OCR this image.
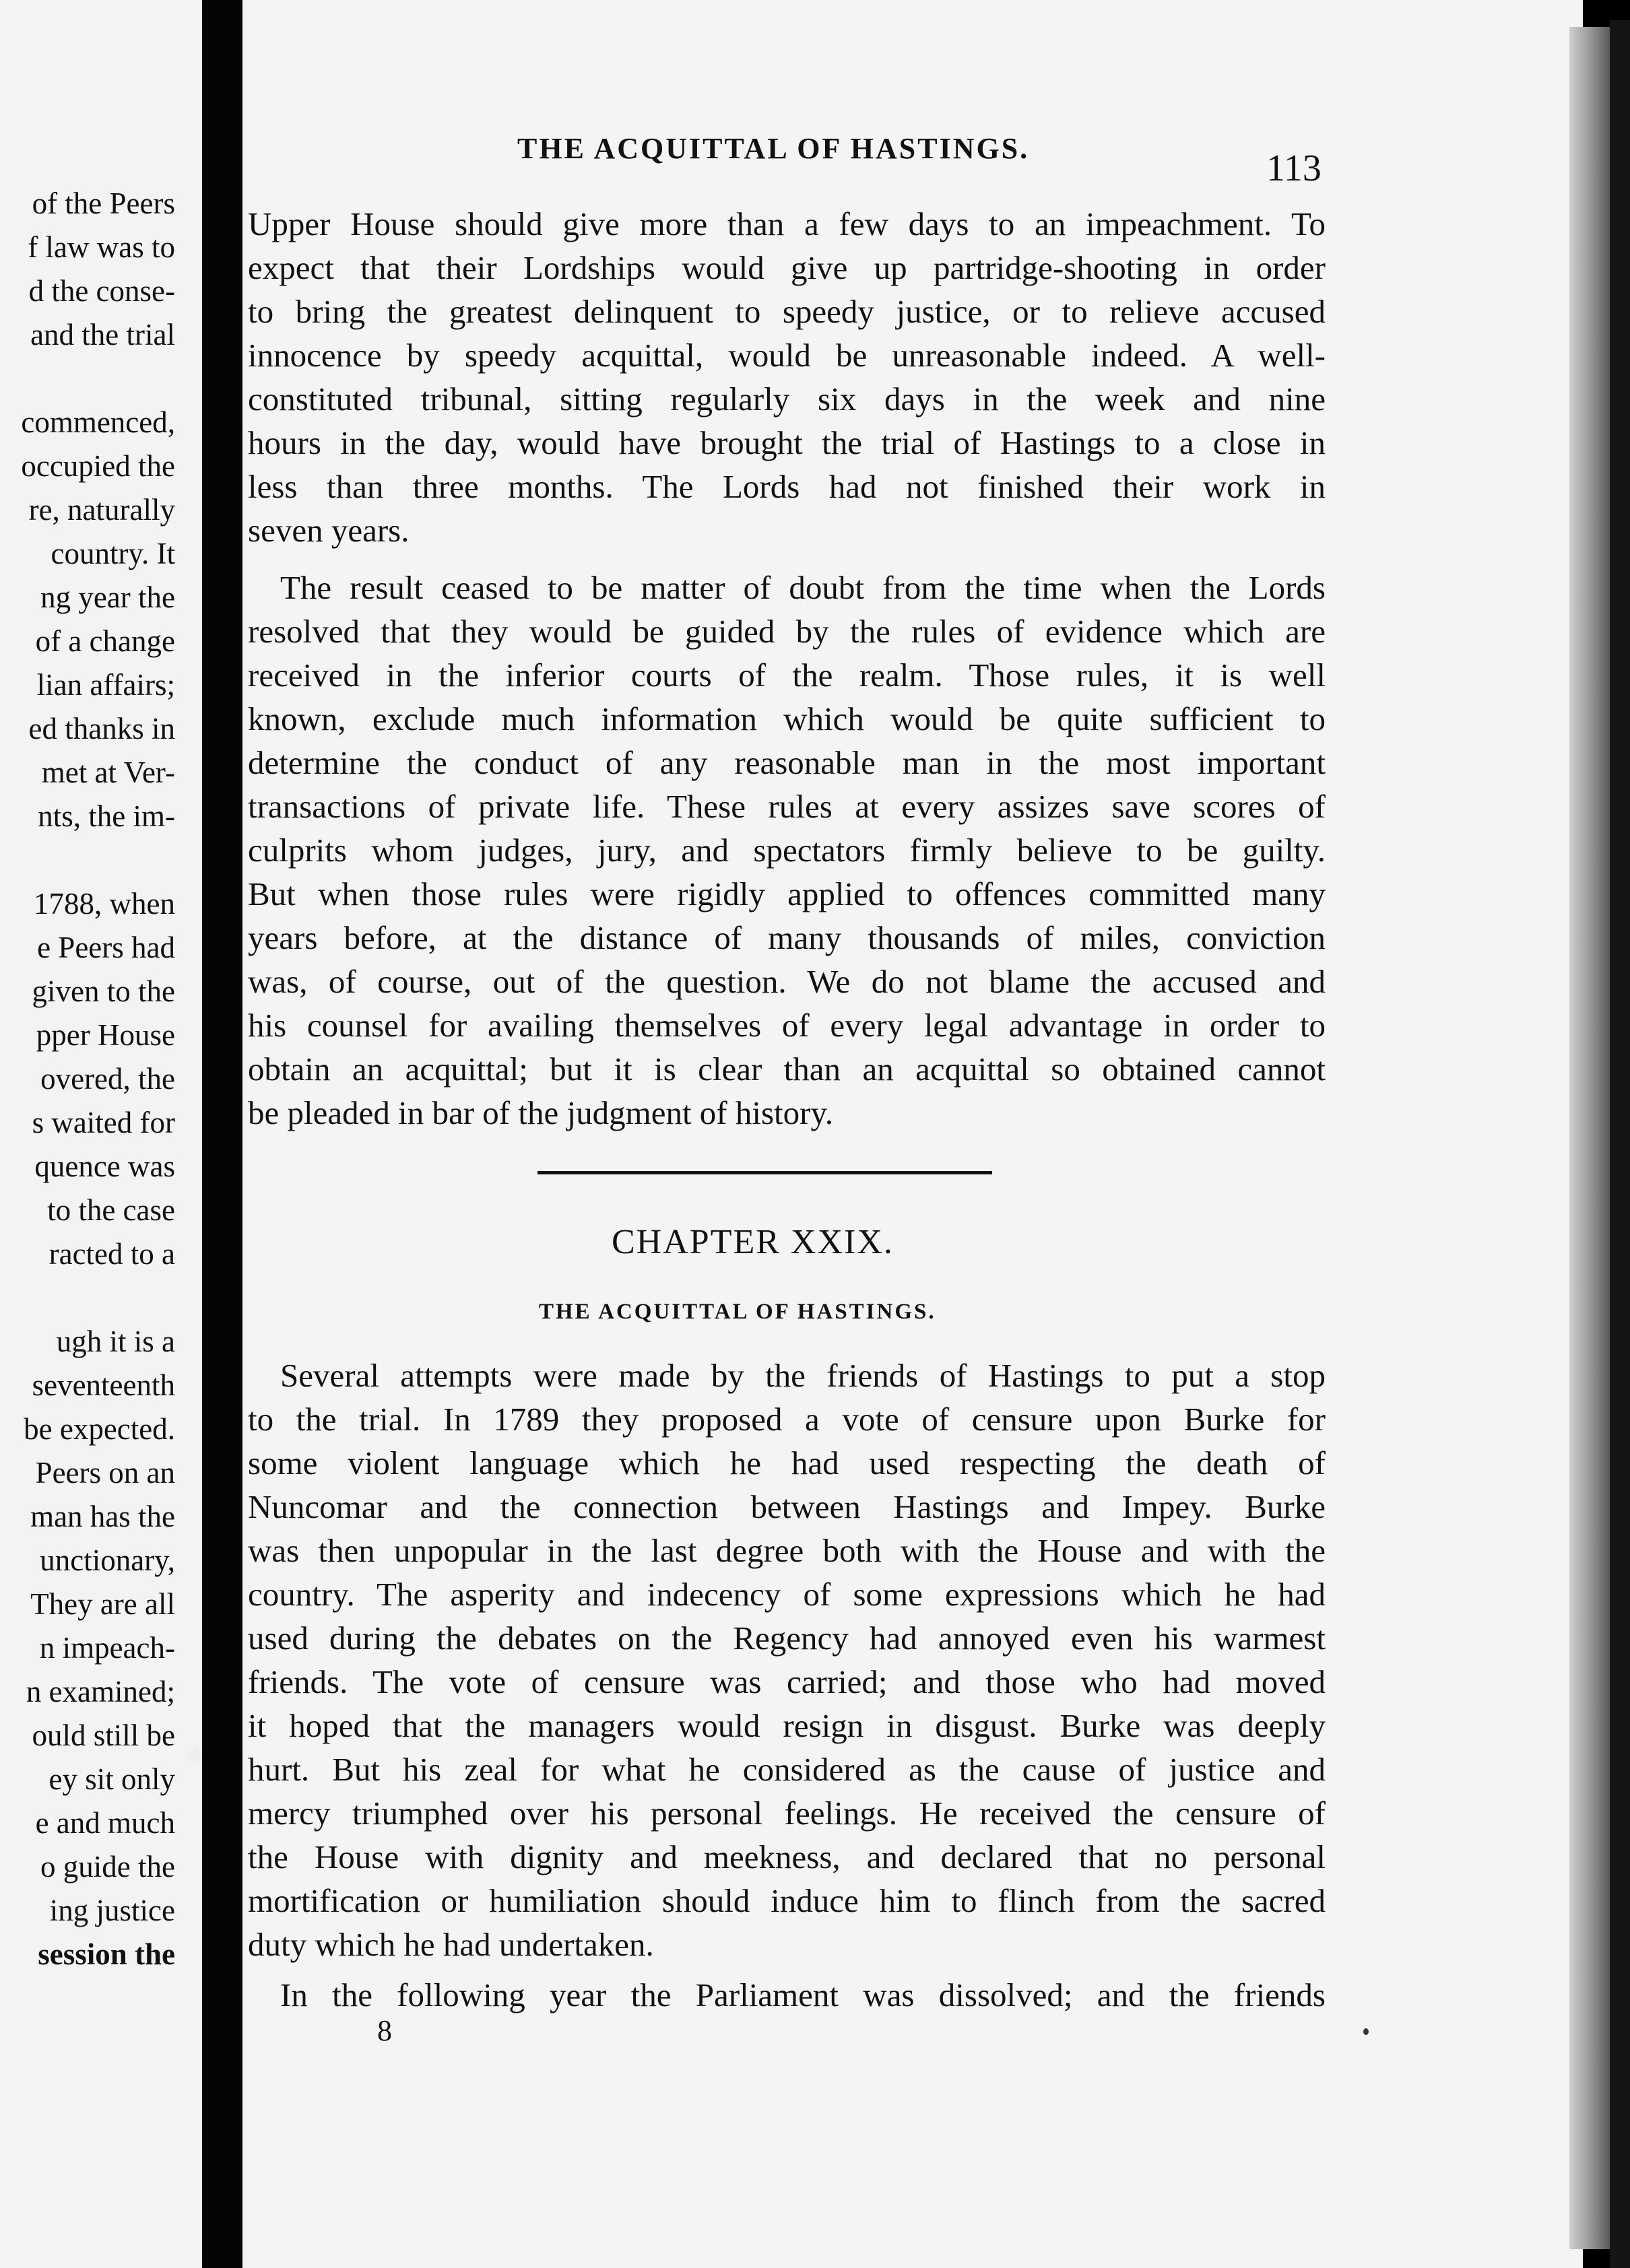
of the Peers
f law was to
d the conse-
and the trial
commenced,
occupied the
re, naturally
country. It
ng year the
of a change
lian affairs;
ed thanks in
met at Ver-
nts, the im-
1788, when
e Peers had
given to the
pper House
overed, the
s waited for
quence was
to the case
racted to a
ugh it is a
seventeenth
be expected.
Peers on an
man has the
unctionary,
They are all
n impeach-
n examined;
ould still be
ey sit only
e and much
o guide the
ing justice
session the
THE ACQUITTAL OF HASTINGS.	113
Upper House should give more than a few days to an impeachment. To
expect that their Lordships would give up partridge-shooting in order
to bring the greatest delinquent to speedy justice, or to relieve accused
innocence by speedy acquittal, would be unreasonable indeed. A well-
constituted tribunal, sitting regularly six days in the week and nine
hours in the day, would have brought the trial of Hastings to a close in
less than three months. The Lords had not finished their work in
seven years.
The result ceased to be matter of doubt from the time when the Lords
resolved that they would be guided by the rules of evidence which are
received in the inferior courts of the realm. Those rules, it is well
known, exclude much information which would be quite sufficient to
determine the conduct of any reasonable man in the most important
transactions of private life. These rules at every assizes save scores of
culprits whom judges, jury, and spectators firmly believe to be guilty.
But when those rules were rigidly applied to offences committed many
years before, at the distance of many thousands of miles, conviction
was, of course, out of the question. We do not blame the accused and
his counsel for availing themselves of every legal advantage in order to
obtain an acquittal; but it is clear than an acquittal so obtained cannot
be pleaded in bar of the judgment of history.
CHAPTER XXIX.
THE ACQUITTAL OF HASTINGS.
Several attempts were made by the friends of Hastings to put a stop
to the trial. In 1789 they proposed a vote of censure upon Burke for
some violent language which he had used respecting the death of
Nuncomar and the connection between Hastings and Impey. Burke
was then unpopular in the last degree both with the House and with the
country. The asperity and indecency of some expressions which he had
used during the debates on the Regency had annoyed even his warmest
friends. The vote of censure was carried; and those who had moved
it hoped that the managers would resign in disgust. Burke was deeply
hurt. But his zeal for what he considered as the cause of justice and
mercy triumphed over his personal feelings. He received the censure of
the House with dignity and meekness, and declared that no personal
mortification or humiliation should induce him to flinch from the sacred
duty which he had undertaken.
In the following year the Parliament was dissolved; and the friends
8
